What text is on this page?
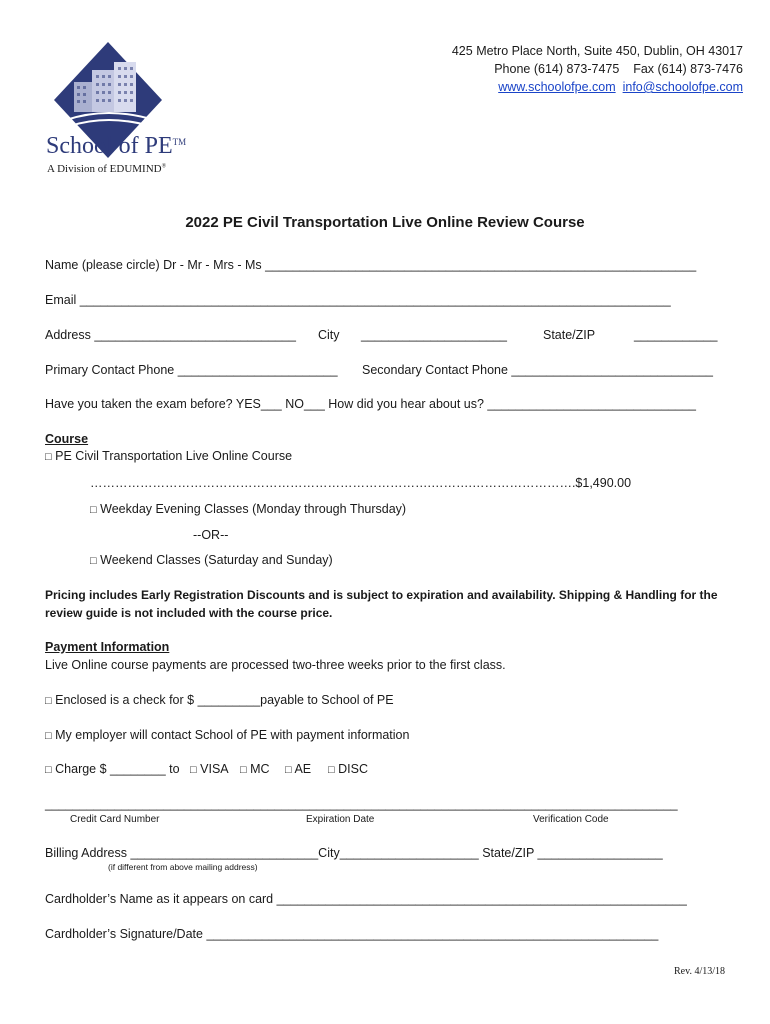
School of PE™
A Division of EDUMIND®
425 Metro Place North, Suite 450, Dublin, OH 43017
Phone (614) 873-7475    Fax (614) 873-7476
www.schoolofpe.com info@schoolofpe.com
2022 PE Civil Transportation Live Online Review Course
Name (please circle) Dr - Mr - Mrs - Ms ______________________________________________________________
Email _____________________________________________________________________________________
Address _____________________________ City _____________________	State/ZIP	____________
Primary Contact Phone _______________________ Secondary Contact Phone _____________________________
Have you taken the exam before? YES___ NO___ How did you hear about us? ______________________________
Course
□ PE Civil Transportation Live Online Course
……………………………………………………………………….……….…………………….$1,490.00
□ Weekday Evening Classes (Monday through Thursday)
--OR--
□ Weekend Classes (Saturday and Sunday)
Pricing includes Early Registration Discounts and is subject to expiration and availability. Shipping & Handling for the
review guide is not included with the course price.
Payment Information
Live Online course payments are processed two-three weeks prior to the first class.
□ Enclosed is a check for $ _________payable to School of PE
□ My employer will contact School of PE with payment information
□ Charge $ ________ to □ VISA □ MC □ AE □ DISC
___________________________________________________________________________________________
Credit Card Number	Expiration Date	Verification Code
Billing Address ___________________________City____________________ State/ZIP __________________
(if different from above mailing address)
Cardholder’s Name as it appears on card ___________________________________________________________
Cardholder’s Signature/Date _________________________________________________________________
Rev. 4/13/18
